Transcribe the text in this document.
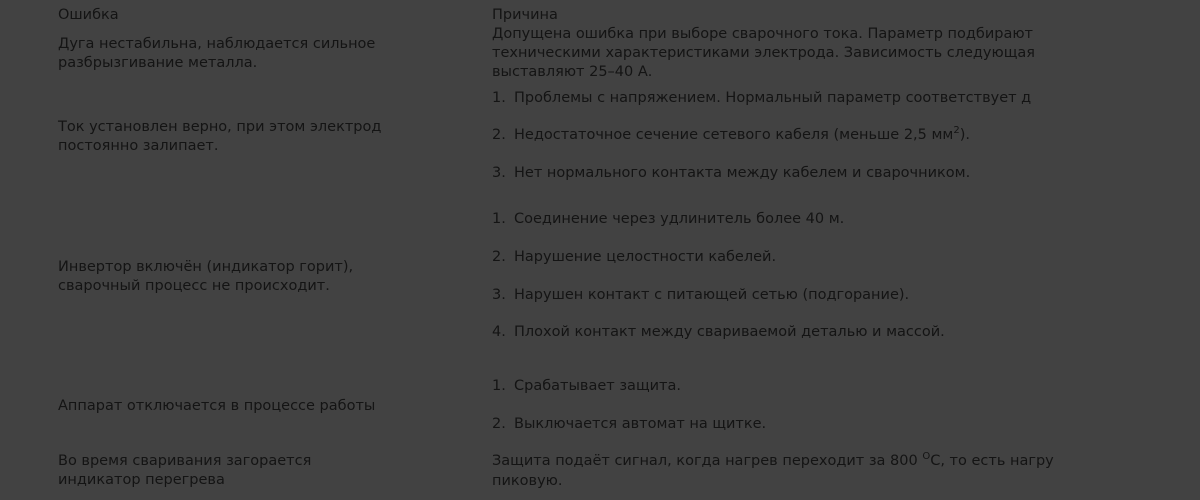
Ошибка	Причина
Дуга нестабильна, наблюдается сильное
разбрызгивание металла.
Допущена ошибка при выборе сварочного тока. Параметр подбирают
техническими характеристиками электрода. Зависимость следующая
выставляют 25–40 А.
Ток установлен верно, при этом электрод
постоянно залипает.
1. Проблемы с напряжением. Нормальный параметр соответствует д
2. Недостаточное сечение сетевого кабеля (меньше 2,5 $мм^2$).
3. Нет нормального контакта между кабелем и сварочником.
Инвертор включён (индикатор горит),
сварочный процесс не происходит.
1. Соединение через удлинитель более 40 м.
2. Нарушение целостности кабелей.
3. Нарушен контакт с питающей сетью (подгорание).
4. Плохой контакт между свариваемой деталью и массой.
Аппарат отключается в процессе работы
1. Срабатывает защита.
2. Выключается автомат на щитке.
Во время сваривания загорается
индикатор перегрева
Защита подаёт сигнал, когда нагрев переходит за 800 $^О$С, то есть нагру
пиковую.
